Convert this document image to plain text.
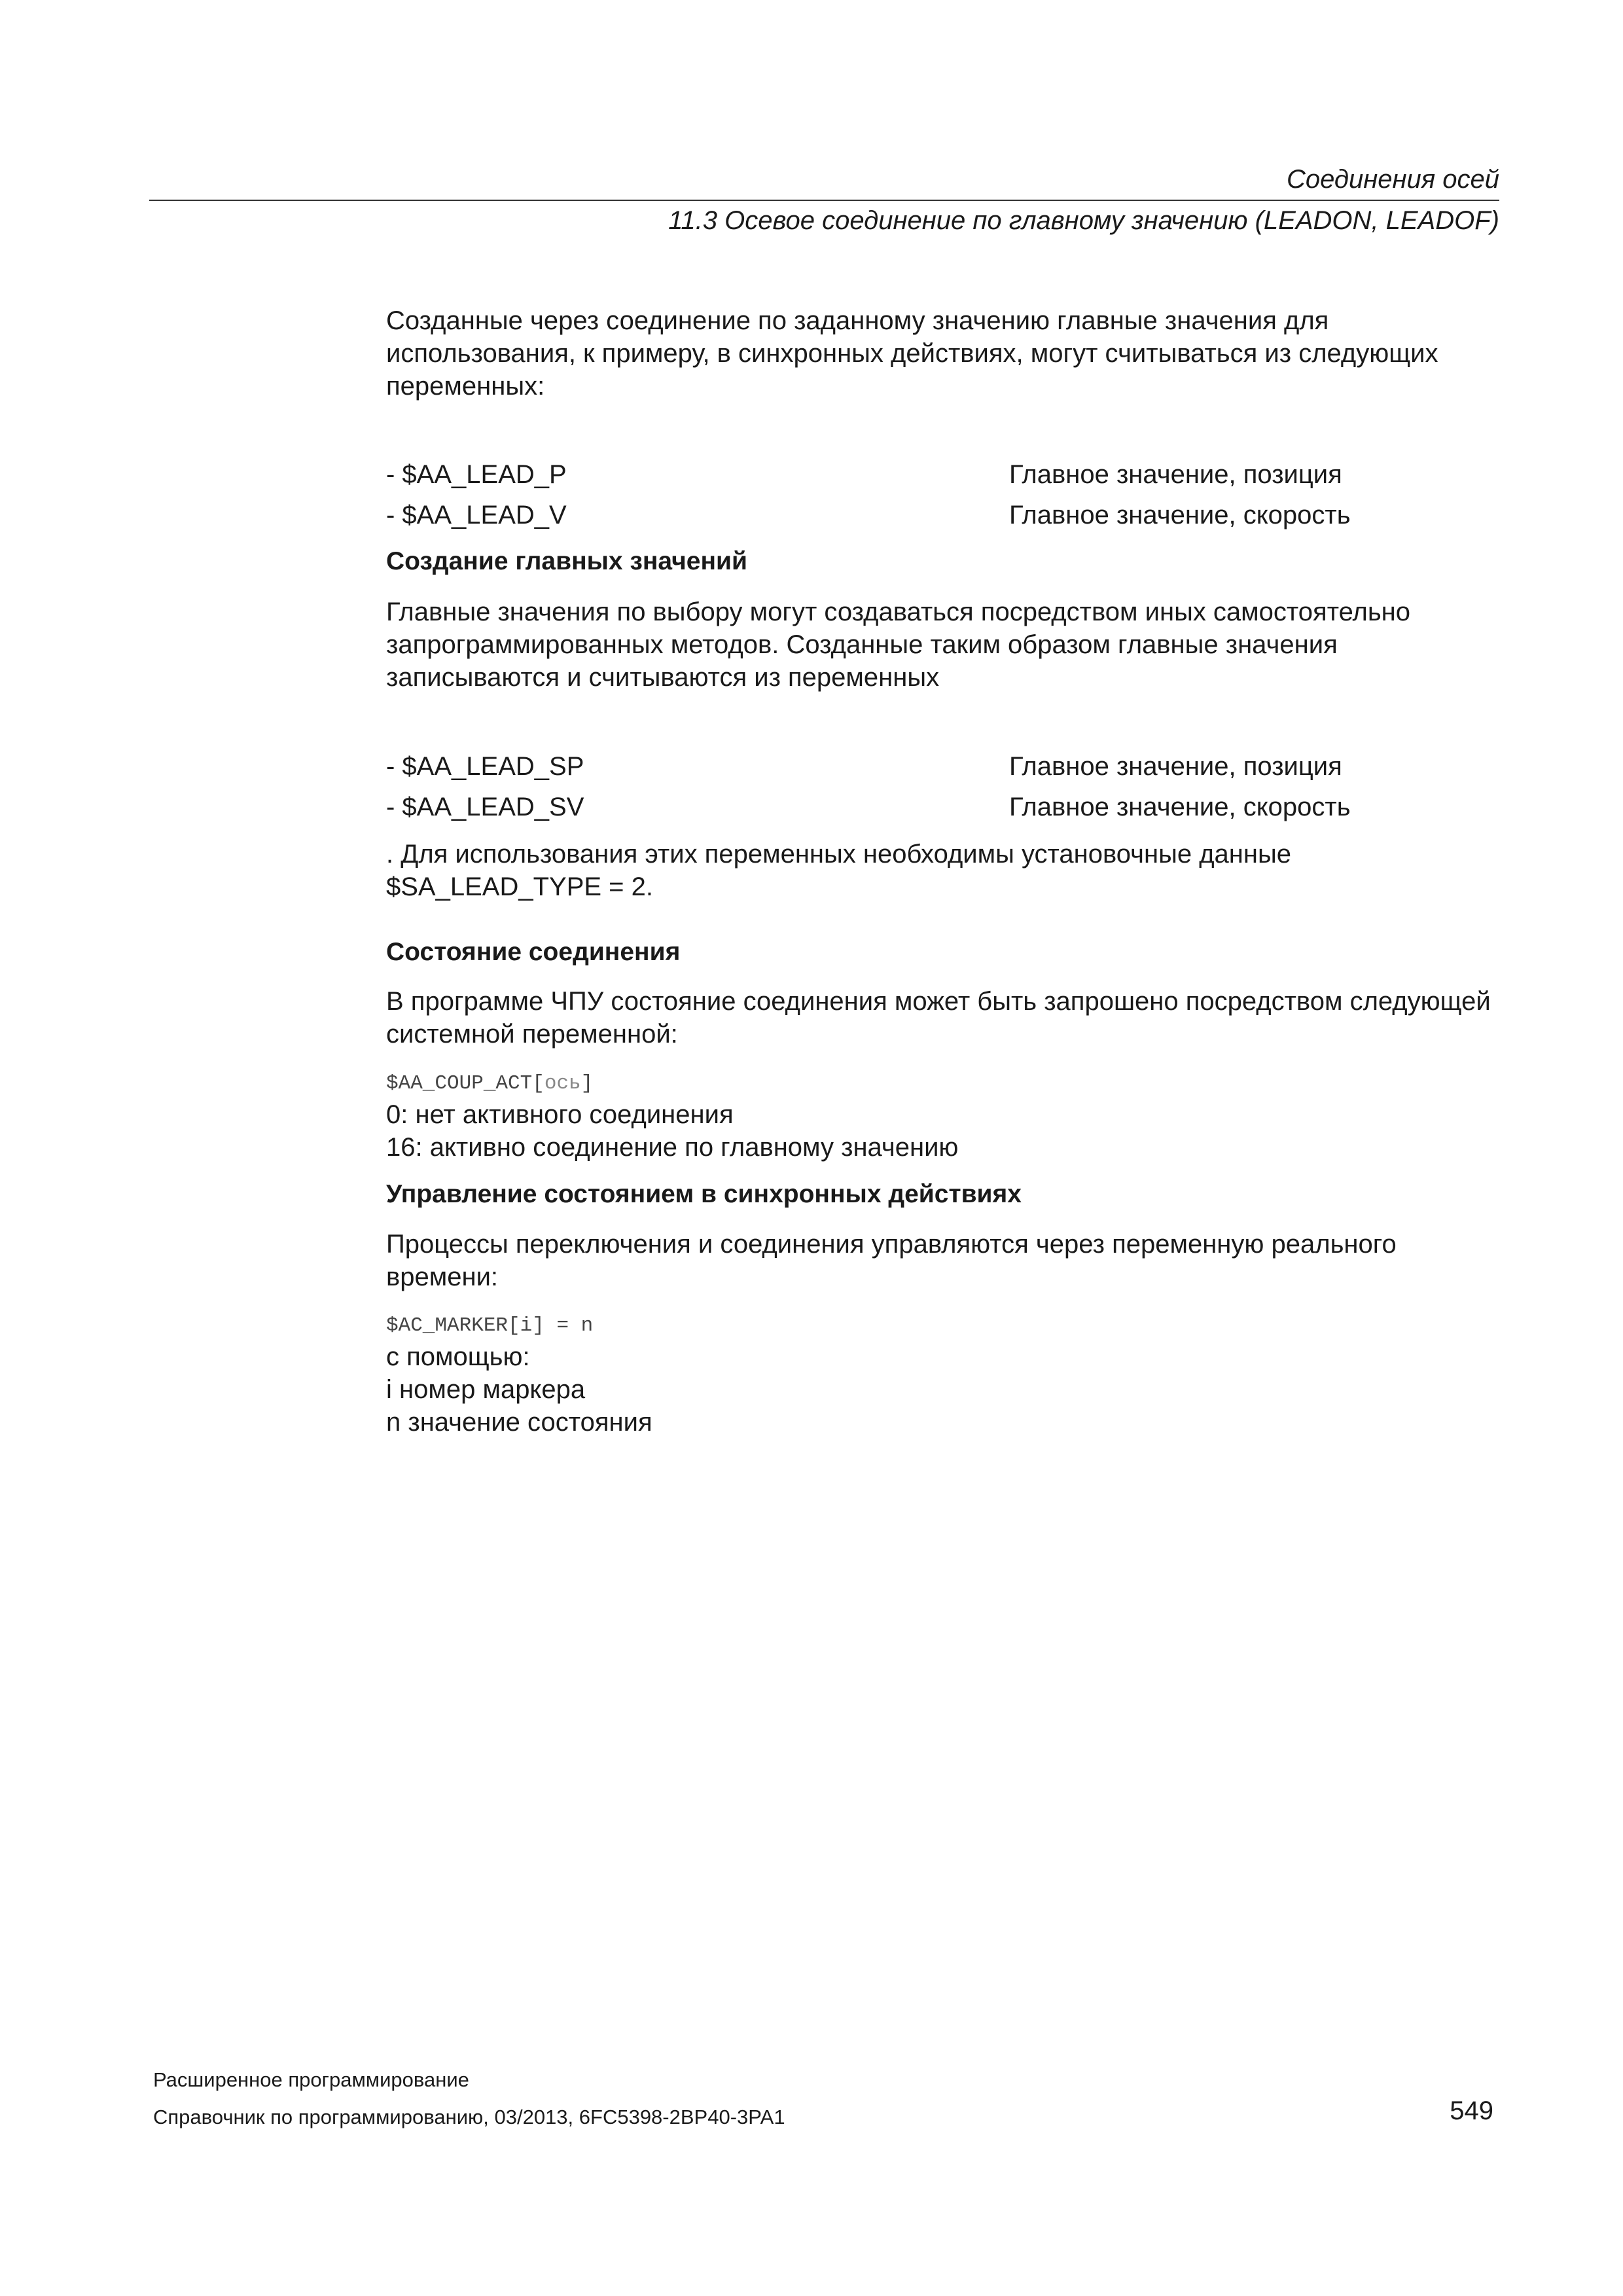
Соединения осей
11.3 Осевое соединение по главному значению (LEADON, LEADOF)
Созданные через соединение по заданному значению главные значения для использования, к примеру, в синхронных действиях, могут считываться из следующих переменных:
- $AA_LEAD_P	Главное значение, позиция
- $AA_LEAD_V	Главное значение, скорость
Создание главных значений
Главные значения по выбору могут создаваться посредством иных самостоятельно запрограммированных методов. Созданные таким образом главные значения записываются и считываются из переменных
- $AA_LEAD_SP	Главное значение, позиция
- $AA_LEAD_SV	Главное значение, скорость
. Для использования этих переменных необходимы установочные данные
$SA_LEAD_TYPE = 2.
Состояние соединения
В программе ЧПУ состояние соединения может быть запрошено посредством следующей системной переменной:
$AA_COUP_ACT[ось]
0: нет активного соединения
16: активно соединение по главному значению
Управление состоянием в синхронных действиях
Процессы переключения и соединения управляются через переменную реального времени:
$AC_MARKER[i] = n
с помощью:
i номер маркера
n значение состояния
Расширенное программирование
Справочник по программированию, 03/2013, 6FC5398-2BP40-3PA1	549
